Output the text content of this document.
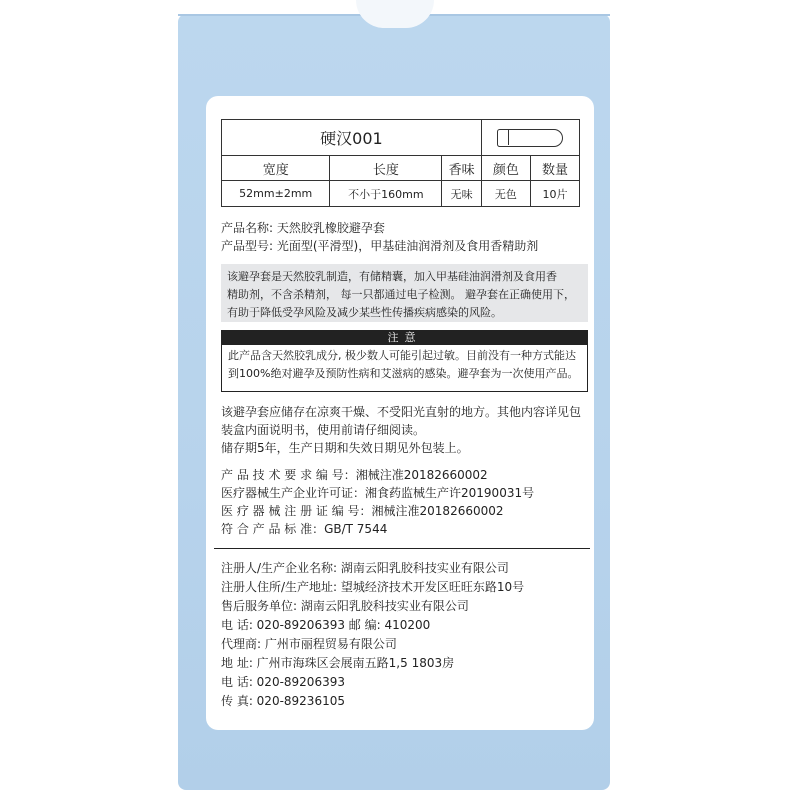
硬汉001				
宽度	长度	香味	颜色	数量
52mm±2mm	不小于160mm	无味	无色	10片
产品名称: 天然胶乳橡胶避孕套
产品型号: 光面型(平滑型)，甲基硅油润滑剂及食用香精助剂
该避孕套是天然胶乳制造，有储精囊，加入甲基硅油润滑剂及食用香
精助剂，不含杀精剂， 每一只都通过电子检测。 避孕套在正确使用下，
有助于降低受孕风险及减少某些性传播疾病感染的风险。
注意
此产品含天然胶乳成分, 极少数人可能引起过敏。目前没有一种方式能达
到100%绝对避孕及预防性病和艾滋病的感染。避孕套为一次使用产品。
该避孕套应储存在凉爽干燥、不受阳光直射的地方。其他内容详见包
装盒内面说明书，使用前请仔细阅读。
储存期5年，生产日期和失效日期见外包装上。
产 品 技 术 要 求 编 号：湘械注准20182660002
医疗器械生产企业许可证：湘食药监械生产许20190031号
医 疗 器 械 注 册 证 编 号：湘械注准20182660002
符 合 产 品 标 准：GB/T 7544
注册人/生产企业名称: 湖南云阳乳胶科技实业有限公司
注册人住所/生产地址: 望城经济技术开发区旺旺东路10号
售后服务单位: 湖南云阳乳胶科技实业有限公司
电 话: 020-89206393 邮 编: 410200
代理商: 广州市丽程贸易有限公司
地 址: 广州市海珠区会展南五路1,5 1803房
电 话: 020-89206393
传 真: 020-89236105
